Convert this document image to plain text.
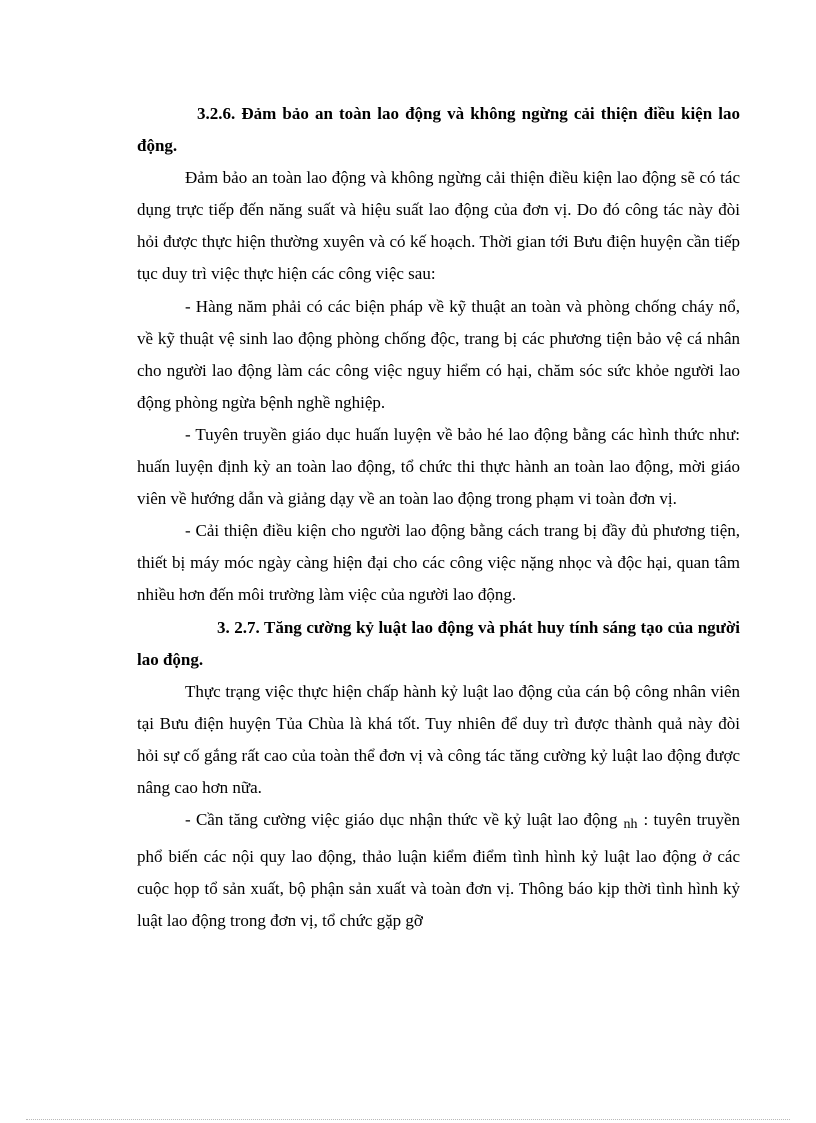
3.2.6. Đảm bảo an toàn lao động và không ngừng cải thiện điều kiện lao động.

Đảm bảo an toàn lao động và không ngừng cải thiện điều kiện lao động sẽ có tác dụng trực tiếp đến năng suất và hiệu suất lao động của đơn vị. Do đó công tác này đòi hỏi được thực hiện thường xuyên và có kế hoạch. Thời gian tới Bưu điện huyện cần tiếp tục duy trì việc thực hiện các công việc sau:

- Hàng năm phải có các biện pháp về kỹ thuật an toàn và phòng chống cháy nổ, về kỹ thuật vệ sinh lao động phòng chống độc, trang bị các phương tiện bảo vệ cá nhân cho người lao động làm các công việc nguy hiểm có hại, chăm sóc sức khỏe người lao động phòng ngừa bệnh nghề nghiệp.

- Tuyên truyền giáo dục huấn luyện về bảo hé lao động bằng các hình thức như: huấn luyện định kỳ an toàn lao động, tổ chức thi thực hành an toàn lao động, mời giáo viên về hướng dẫn và giảng dạy về an toàn lao động trong phạm vi toàn đơn vị.

- Cải thiện điều kiện cho người lao động bằng cách trang bị đầy đủ phương tiện, thiết bị máy móc ngày càng hiện đại cho các công việc nặng nhọc và độc hại, quan tâm nhiều hơn đến môi trường làm việc của người lao động.

3. 2.7. Tăng cường kỷ luật lao động và phát huy tính sáng tạo của người lao động.

Thực trạng việc thực hiện chấp hành kỷ luật lao động của cán bộ công nhân viên tại Bưu điện huyện Tủa Chùa là khá tốt. Tuy nhiên để duy trì được thành quả này đòi hỏi sự cố gắng rất cao của toàn thể đơn vị và công tác tăng cường kỷ luật lao động được nâng cao hơn nữa.

- Cần tăng cường việc giáo dục nhận thức về kỷ luật lao động $_{nh}$ : tuyên truyền phổ biến các nội quy lao động, thảo luận kiểm điểm tình hình kỷ luật lao động ở các cuộc họp tổ sản xuất, bộ phận sản xuất và toàn đơn vị. Thông báo kịp thời tình hình kỷ luật lao động trong đơn vị, tổ chức gặp gỡ
